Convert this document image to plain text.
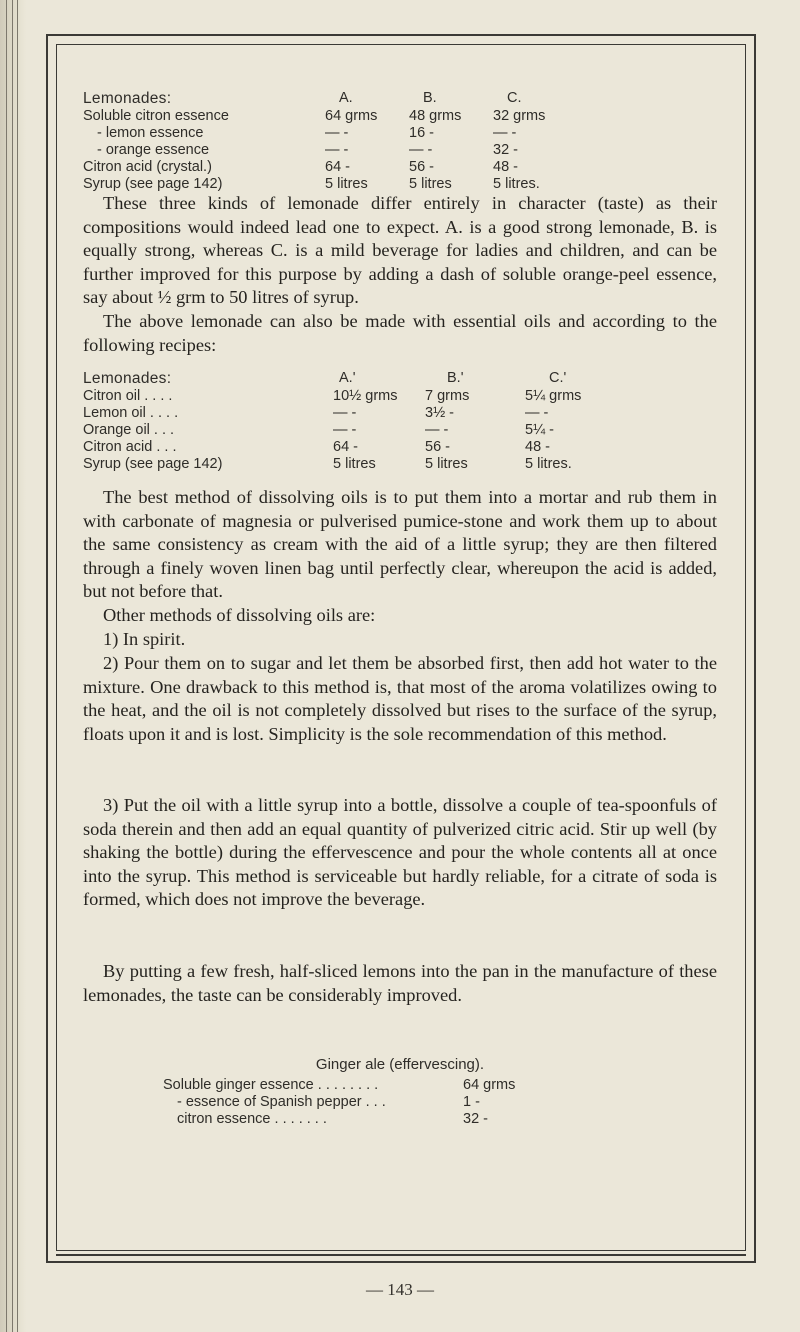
Lemonades:	A.	B.	C.
Soluble citron essence	64 grms	48 grms	32 grms
- lemon essence	— -	16 -	— -
- orange essence	— -	— -	32 -
Citron acid (crystal.)	64 -	56 -	48 -
Syrup (see page 142)	5 litres	5 litres	5 litres.

These three kinds of lemonade differ entirely in character (taste) as their compositions would indeed lead one to expect. A. is a good strong lemonade, B. is equally strong, whereas C. is a mild beverage for ladies and children, and can be further improved for this purpose by adding a dash of soluble orange-peel essence, say about ½ grm to 50 litres of syrup.

The above lemonade can also be made with essential oils and according to the following recipes:

Lemonades:	A.'	B.'	C.'
Citron oil . . . .	10½ grms	7 grms	5¼ grms
Lemon oil . . . .	— -	3½ -	— -
Orange oil . . .	— -	— -	5¼ -
Citron acid . . .	64 -	56 -	48 -
Syrup (see page 142)	5 litres	5 litres	5 litres.

The best method of dissolving oils is to put them into a mortar and rub them in with carbonate of magnesia or pulverised pumice-stone and work them up to about the same consistency as cream with the aid of a little syrup; they are then filtered through a finely woven linen bag until perfectly clear, whereupon the acid is added, but not before that.

Other methods of dissolving oils are:

1) In spirit.

2) Pour them on to sugar and let them be absorbed first, then add hot water to the mixture. One drawback to this method is, that most of the aroma volatilizes owing to the heat, and the oil is not completely dissolved but rises to the surface of the syrup, floats upon it and is lost. Simplicity is the sole recommendation of this method.

3) Put the oil with a little syrup into a bottle, dissolve a couple of tea-spoonfuls of soda therein and then add an equal quantity of pulverized citric acid. Stir up well (by shaking the bottle) during the effervescence and pour the whole contents all at once into the syrup. This method is serviceable but hardly reliable, for a citrate of soda is formed, which does not improve the beverage.

By putting a few fresh, half-sliced lemons into the pan in the manufacture of these lemonades, the taste can be considerably improved.

Ginger ale (effervescing).
Soluble ginger essence . . . . . . . .	64 grms
- essence of Spanish pepper . . .	1 -
citron essence . . . . . . .	32 -
— 143 —
